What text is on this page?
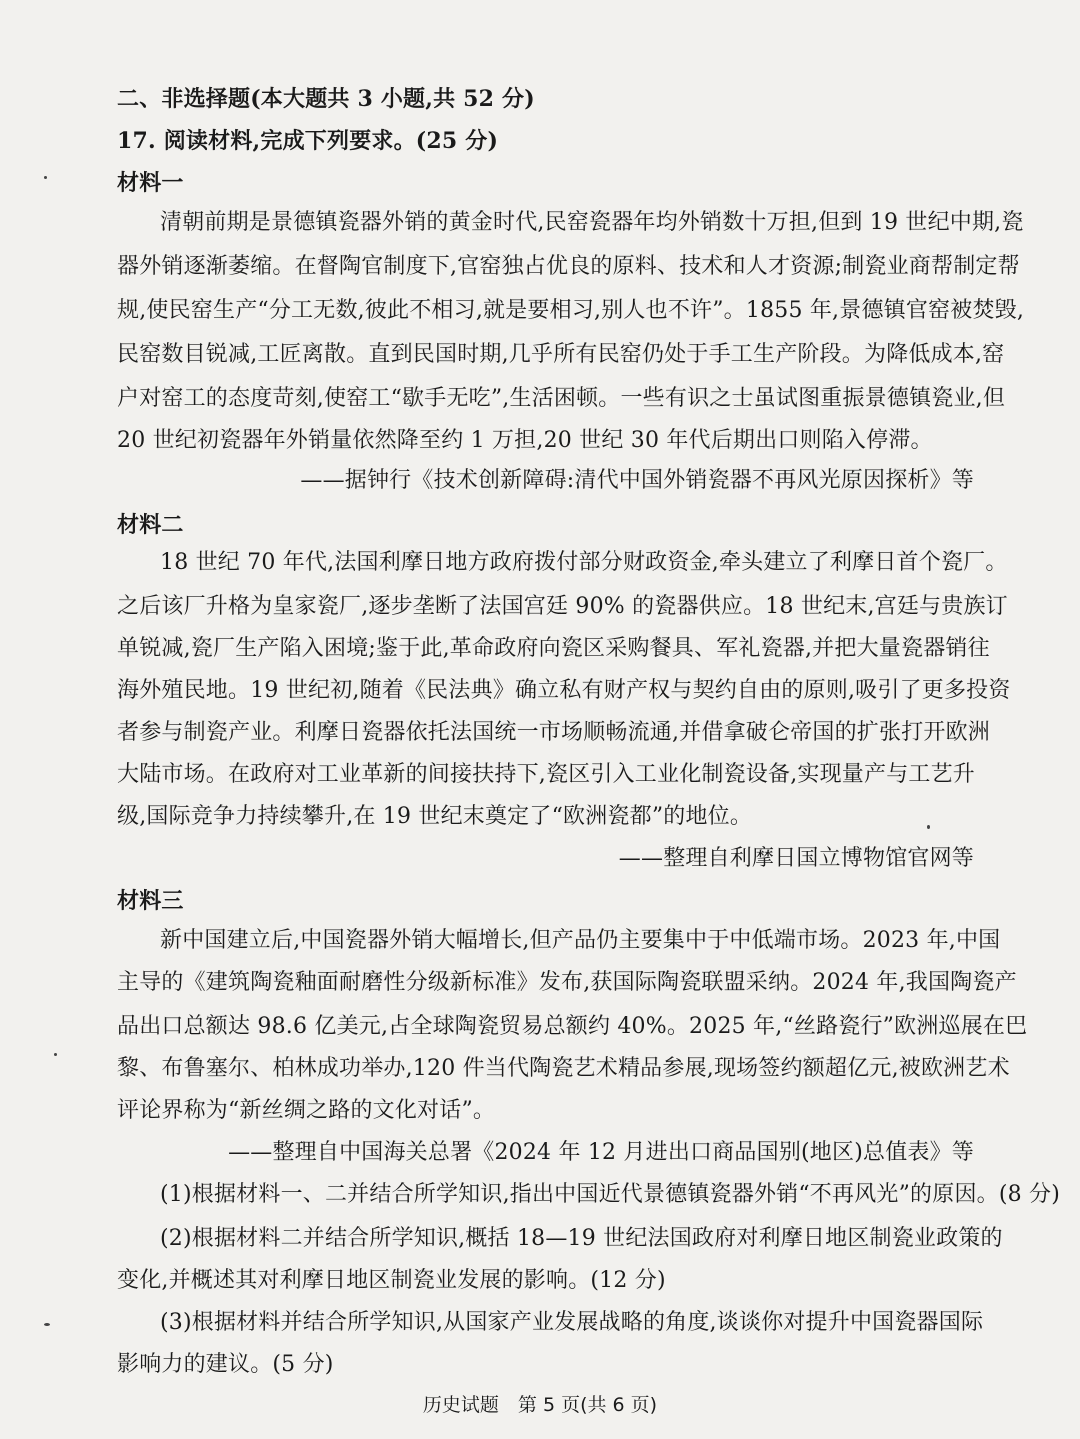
二、非选择题(本大题共 3 小题,共 52 分)
17. 阅读材料,完成下列要求。(25 分)
材料一
清朝前期是景德镇瓷器外销的黄金时代,民窑瓷器年均外销数十万担,但到 19 世纪中期,瓷
器外销逐渐萎缩。在督陶官制度下,官窑独占优良的原料、技术和人才资源;制瓷业商帮制定帮
规,使民窑生产“分工无数,彼此不相习,就是要相习,别人也不许”。1855 年,景德镇官窑被焚毁,
民窑数目锐减,工匠离散。直到民国时期,几乎所有民窑仍处于手工生产阶段。为降低成本,窑
户对窑工的态度苛刻,使窑工“歇手无吃”,生活困顿。一些有识之士虽试图重振景德镇瓷业,但
20 世纪初瓷器年外销量依然降至约 1 万担,20 世纪 30 年代后期出口则陷入停滞。
——据钟行《技术创新障碍:清代中国外销瓷器不再风光原因探析》等
材料二
18 世纪 70 年代,法国利摩日地方政府拨付部分财政资金,牵头建立了利摩日首个瓷厂。
之后该厂升格为皇家瓷厂,逐步垄断了法国宫廷 90% 的瓷器供应。18 世纪末,宫廷与贵族订
单锐减,瓷厂生产陷入困境;鉴于此,革命政府向瓷区采购餐具、军礼瓷器,并把大量瓷器销往
海外殖民地。19 世纪初,随着《民法典》确立私有财产权与契约自由的原则,吸引了更多投资
者参与制瓷产业。利摩日瓷器依托法国统一市场顺畅流通,并借拿破仑帝国的扩张打开欧洲
大陆市场。在政府对工业革新的间接扶持下,瓷区引入工业化制瓷设备,实现量产与工艺升
级,国际竞争力持续攀升,在 19 世纪末奠定了“欧洲瓷都”的地位。
——整理自利摩日国立博物馆官网等
材料三
新中国建立后,中国瓷器外销大幅增长,但产品仍主要集中于中低端市场。2023 年,中国
主导的《建筑陶瓷釉面耐磨性分级新标准》发布,获国际陶瓷联盟采纳。2024 年,我国陶瓷产
品出口总额达 98.6 亿美元,占全球陶瓷贸易总额约 40%。2025 年,“丝路瓷行”欧洲巡展在巴
黎、布鲁塞尔、柏林成功举办,120 件当代陶瓷艺术精品参展,现场签约额超亿元,被欧洲艺术
评论界称为“新丝绸之路的文化对话”。
——整理自中国海关总署《2024 年 12 月进出口商品国别(地区)总值表》等
(1)根据材料一、二并结合所学知识,指出中国近代景德镇瓷器外销“不再风光”的原因。(8 分)
(2)根据材料二并结合所学知识,概括 18—19 世纪法国政府对利摩日地区制瓷业政策的
变化,并概述其对利摩日地区制瓷业发展的影响。(12 分)
(3)根据材料并结合所学知识,从国家产业发展战略的角度,谈谈你对提升中国瓷器国际
影响力的建议。(5 分)
历史试题　第 5 页(共 6 页)
